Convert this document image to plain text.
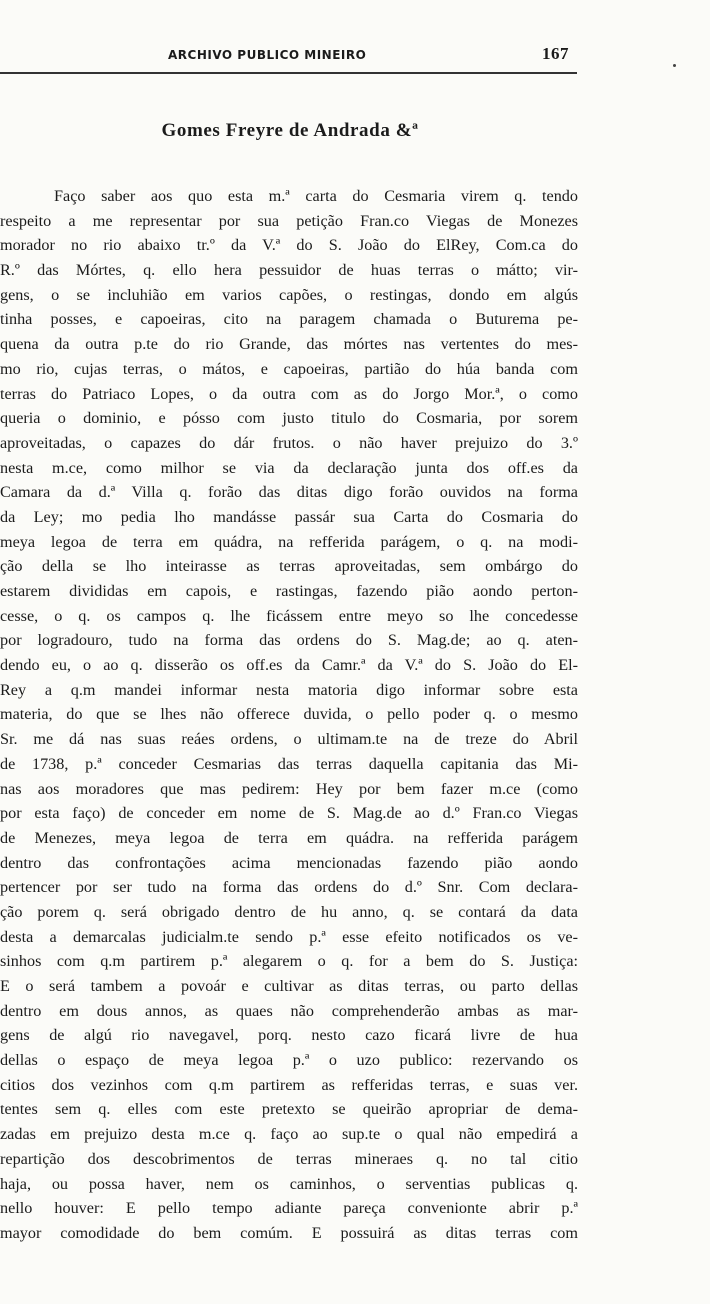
ARCHIVO PUBLICO MINEIRO	167
Gomes Freyre de Andrada &ª
Faço saber aos quo esta m.ª carta do Cesmaria virem q. tendo
respeito a me representar por sua petição Fran.co Viegas de Monezes
morador no rio abaixo tr.º da V.ª do S. João do ElRey, Com.ca do
R.º das Mórtes, q. ello hera pessuidor de huas terras o mátto; vir-
gens, o se incluhião em varios capões, o restingas, dondo em algús
tinha posses, e capoeiras, cito na paragem chamada o Buturema pe-
quena da outra p.te do rio Grande, das mórtes nas vertentes do mes-
mo rio, cujas terras, o mátos, e capoeiras, partião do húa banda com
terras do Patriaco Lopes, o da outra com as do Jorgo Mor.ª, o como
queria o dominio, e pósso com justo titulo do Cosmaria, por sorem
aproveitadas, o capazes do dár frutos. o não haver prejuizo do 3.º
nesta m.ce, como milhor se via da declaração junta dos off.es da
Camara da d.ª Villa q. forão das ditas digo forão ouvidos na forma
da Ley; mo pedia lho mandásse passár sua Carta do Cosmaria do
meya legoa de terra em quádra, na refferida parágem, o q. na modi-
ção della se lho inteirasse as terras aproveitadas, sem ombárgo do
estarem divididas em capois, e rastingas, fazendo pião aondo perton-
cesse, o q. os campos q. lhe ficássem entre meyo so lhe concedesse
por logradouro, tudo na forma das ordens do S. Mag.de; ao q. aten-
dendo eu, o ao q. disserão os off.es da Camr.ª da V.ª do S. João do El-
Rey a q.m mandei informar nesta matoria digo informar sobre esta
materia, do que se lhes não offerece duvida, o pello poder q. o mesmo
Sr. me dá nas suas reáes ordens, o ultimam.te na de treze do Abril
de 1738, p.ª conceder Cesmarias das terras daquella capitania das Mi-
nas aos moradores que mas pedirem: Hey por bem fazer m.ce (como
por esta faço) de conceder em nome de S. Mag.de ao d.º Fran.co Viegas
de Menezes, meya legoa de terra em quádra. na refferida parágem
dentro das confrontações acima mencionadas fazendo pião aondo
pertencer por ser tudo na forma das ordens do d.º Snr. Com declara-
ção porem q. será obrigado dentro de hu anno, q. se contará da data
desta a demarcalas judicialm.te sendo p.ª esse efeito notificados os ve-
sinhos com q.m partirem p.ª alegarem o q. for a bem do S. Justiça:
E o será tambem a povoár e cultivar as ditas terras, ou parto dellas
dentro em dous annos, as quaes não comprehenderão ambas as mar-
gens de algú rio navegavel, porq. nesto cazo ficará livre de hua
dellas o espaço de meya legoa p.ª o uzo publico: rezervando os
citios dos vezinhos com q.m partirem as refferidas terras, e suas ver.
tentes sem q. elles com este pretexto se queirão apropriar de dema-
zadas em prejuizo desta m.ce q. faço ao sup.te o qual não empedirá a
repartição dos descobrimentos de terras mineraes q. no tal citio
haja, ou possa haver, nem os caminhos, o serventias publicas q.
nello houver: E pello tempo adiante pareça convenionte abrir p.ª
mayor comodidade do bem comúm. E possuirá as ditas terras com
